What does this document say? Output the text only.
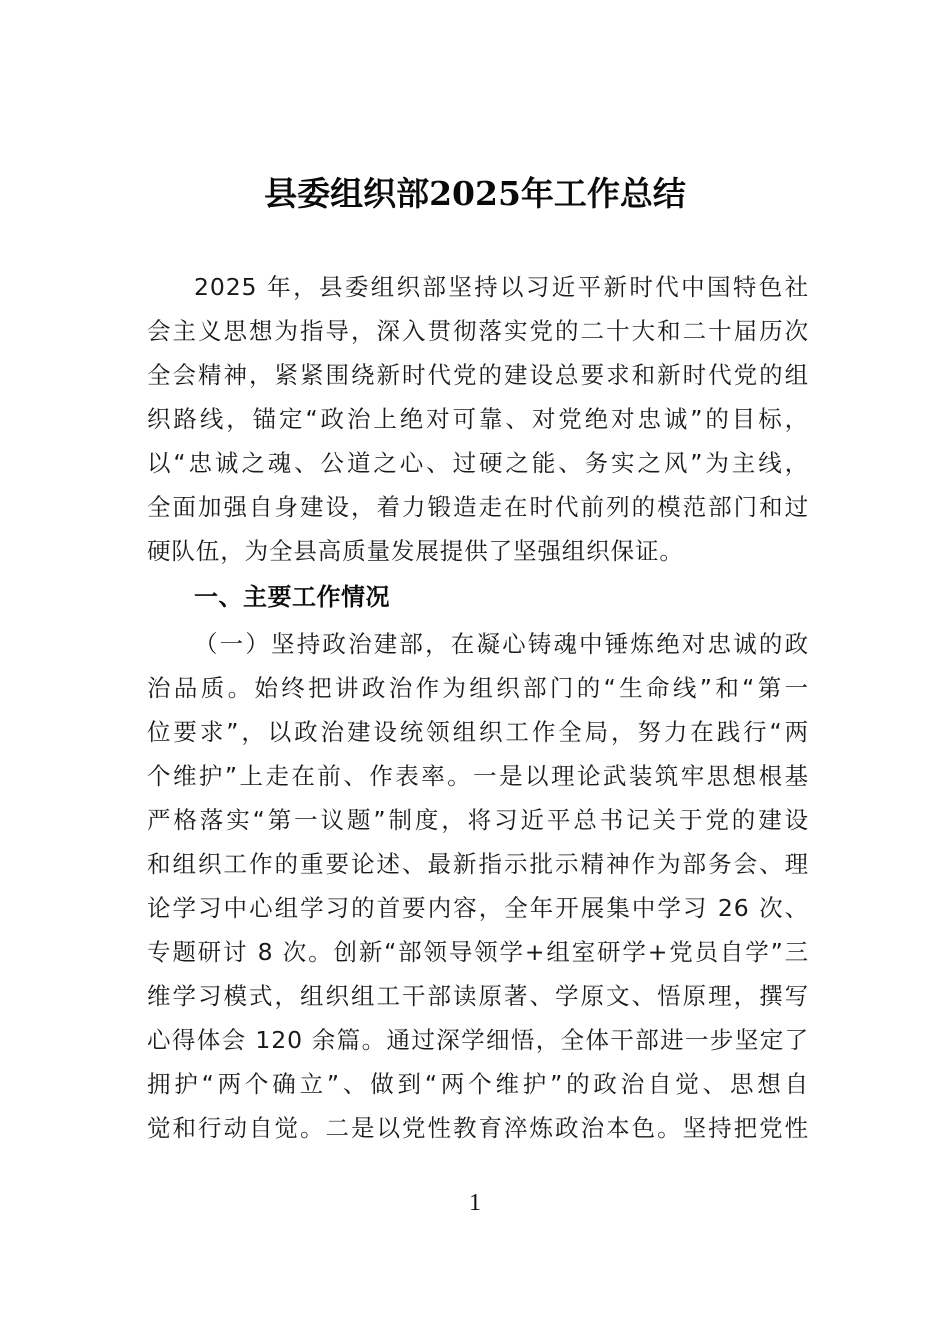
县委组织部2025年工作总结
2025 年，县委组织部坚持以习近平新时代中国特色社
会主义思想为指导，深入贯彻落实党的二十大和二十届历次
全会精神，紧紧围绕新时代党的建设总要求和新时代党的组
织路线，锚定“政治上绝对可靠、对党绝对忠诚”的目标，
以“忠诚之魂、公道之心、过硬之能、务实之风”为主线，
全面加强自身建设，着力锻造走在时代前列的模范部门和过
硬队伍，为全县高质量发展提供了坚强组织保证。
一、主要工作情况
（一）坚持政治建部，在凝心铸魂中锤炼绝对忠诚的政
治品质。始终把讲政治作为组织部门的“生命线”和“第一
位要求”，以政治建设统领组织工作全局，努力在践行“两
个维护”上走在前、作表率。一是以理论武装筑牢思想根基
严格落实“第一议题”制度，将习近平总书记关于党的建设
和组织工作的重要论述、最新指示批示精神作为部务会、理
论学习中心组学习的首要内容，全年开展集中学习 26 次、
专题研讨 8 次。创新“部领导领学+组室研学+党员自学”三
维学习模式，组织组工干部读原著、学原文、悟原理，撰写
心得体会 120 余篇。通过深学细悟，全体干部进一步坚定了
拥护“两个确立”、做到“两个维护”的政治自觉、思想自
觉和行动自觉。二是以党性教育淬炼政治本色。坚持把党性
1
